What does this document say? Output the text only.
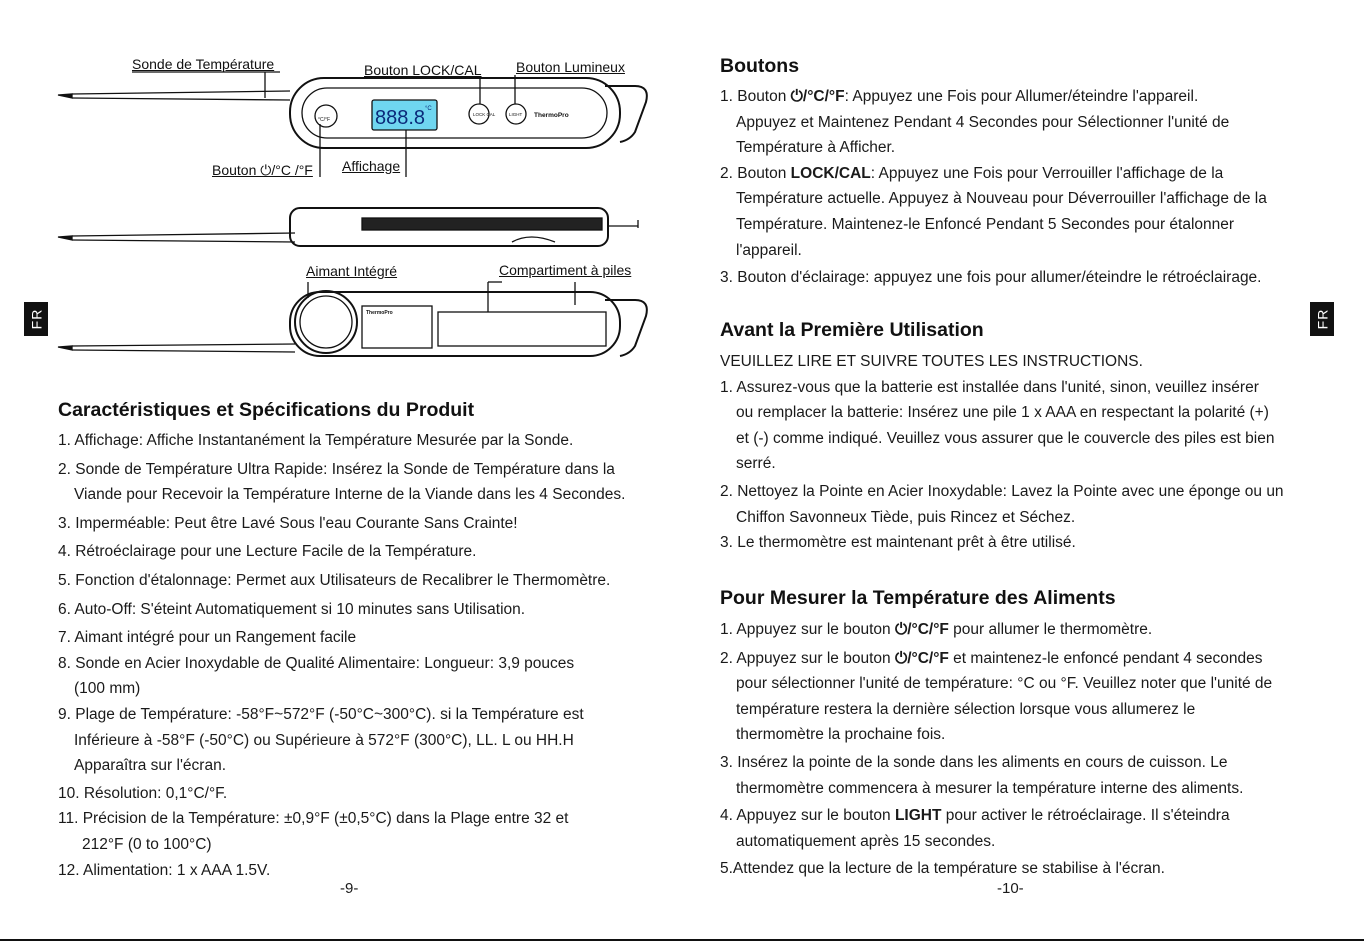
FR	FR
ThermoPro
888.8 °C
LOCK CAL	LIGHT
°C/°F
ThermoPro
Sonde de Température	Bouton LOCK/CAL Bouton Lumineux
Bouton ⏻/°C /°F Affichage
Aimant Intégré	Compartiment à piles
Caractéristiques et Spécifications du Produit
1. Affichage: Affiche Instantanément la Température Mesurée par la Sonde.
2. Sonde de Température Ultra Rapide: Insérez la Sonde de Température dans la
Viande pour Recevoir la Température Interne de la Viande dans les 4 Secondes.
3. Imperméable: Peut être Lavé Sous l'eau Courante Sans Crainte!
4. Rétroéclairage pour une Lecture Facile de la Température.
5. Fonction d'étalonnage: Permet aux Utilisateurs de Recalibrer le Thermomètre.
6. Auto-Off: S'éteint Automatiquement si 10 minutes sans Utilisation.
7. Aimant intégré pour un Rangement facile
8. Sonde en Acier Inoxydable de Qualité Alimentaire: Longueur: 3,9 pouces
(100 mm)
9. Plage de Température: -58°F~572°F (-50°C~300°C). si la Température est
Inférieure à -58°F (-50°C) ou Supérieure à 572°F (300°C), LL. L ou HH.H
Apparaîtra sur l'écran.
10. Résolution: 0,1°C/°F.
11. Précision de la Température: ±0,9°F (±0,5°C) dans la Plage entre 32 et
212°F (0 to 100°C)
12. Alimentation: 1 x AAA 1.5V.
-9-
Boutons
1. Bouton ⏻/°C/°F: Appuyez une Fois pour Allumer/éteindre l'appareil.
Appuyez et Maintenez Pendant 4 Secondes pour Sélectionner l'unité de
Température à Afficher.
2. Bouton LOCK/CAL: Appuyez une Fois pour Verrouiller l'affichage de la
Température actuelle. Appuyez à Nouveau pour Déverrouiller l'affichage de la
Température. Maintenez-le Enfoncé Pendant 5 Secondes pour étalonner
l'appareil.
3. Bouton d'éclairage: appuyez une fois pour allumer/éteindre le rétroéclairage.
Avant la Première Utilisation
VEUILLEZ LIRE ET SUIVRE TOUTES LES INSTRUCTIONS.
1. Assurez-vous que la batterie est installée dans l'unité, sinon, veuillez insérer
ou remplacer la batterie: Insérez une pile 1 x AAA en respectant la polarité (+)
et (-) comme indiqué. Veuillez vous assurer que le couvercle des piles est bien
serré.
2. Nettoyez la Pointe en Acier Inoxydable: Lavez la Pointe avec une éponge ou un
Chiffon Savonneux Tiède, puis Rincez et Séchez.
3. Le thermomètre est maintenant prêt à être utilisé.
Pour Mesurer la Température des Aliments
1. Appuyez sur le bouton ⏻/°C/°F pour allumer le thermomètre.
2. Appuyez sur le bouton ⏻/°C/°F et maintenez-le enfoncé pendant 4 secondes
pour sélectionner l'unité de température: °C ou °F. Veuillez noter que l'unité de
température restera la dernière sélection lorsque vous allumerez le
thermomètre la prochaine fois.
3. Insérez la pointe de la sonde dans les aliments en cours de cuisson. Le
thermomètre commencera à mesurer la température interne des aliments.
4. Appuyez sur le bouton LIGHT pour activer le rétroéclairage. Il s'éteindra
automatiquement après 15 secondes.
5.Attendez que la lecture de la température se stabilise à l'écran.
-10-
